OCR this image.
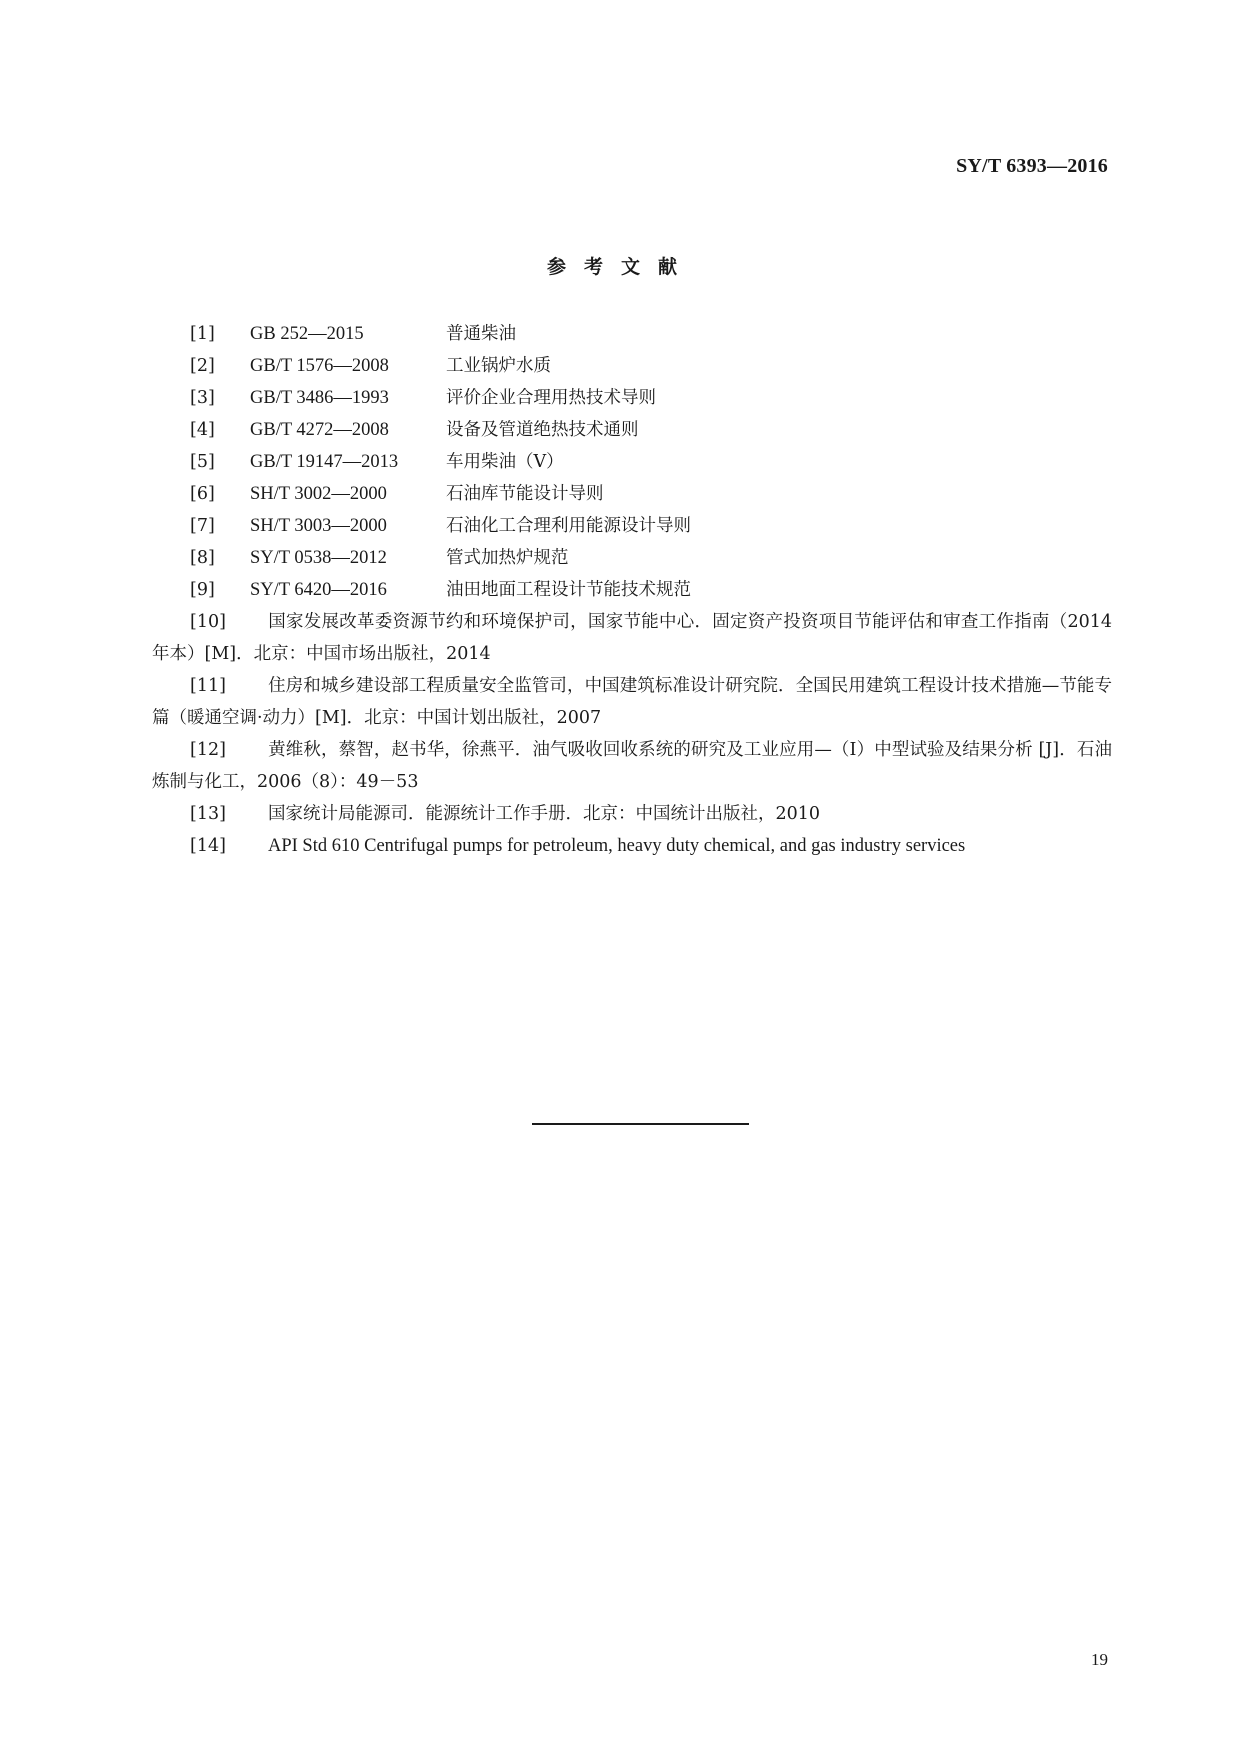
SY/T 6393—2016
参考文献

[1] GB 252—2015	普通柴油

[2] GB/T 1576—2008	工业锅炉水质

[3] GB/T 3486—1993	评价企业合理用热技术导则

[4] GB/T 4272—2008	设备及管道绝热技术通则

[5] GB/T 19147—2013	车用柴油（V）

[6] SH/T 3002—2000	石油库节能设计导则

[7] SH/T 3003—2000	石油化工合理利用能源设计导则

[8] SY/T 0538—2012	管式加热炉规范

[9] SY/T 6420—2016	油田地面工程设计节能技术规范

[10] 国家发展改革委资源节约和环境保护司，国家节能中心．固定资产投资项目节能评估和审查工作指南（2014年本）[M]．北京：中国市场出版社，2014

[11] 住房和城乡建设部工程质量安全监管司，中国建筑标准设计研究院．全国民用建筑工程设计技术措施—节能专篇（暖通空调·动力）[M]．北京：中国计划出版社，2007

[12] 黄维秋，蔡智，赵书华，徐燕平．油气吸收回收系统的研究及工业应用—（I）中型试验及结果分析 [J]．石油炼制与化工，2006（8）：49－53

[13] 国家统计局能源司．能源统计工作手册．北京：中国统计出版社，2010

[14] API Std 610 Centrifugal pumps for petroleum, heavy duty chemical, and gas industry services

19
